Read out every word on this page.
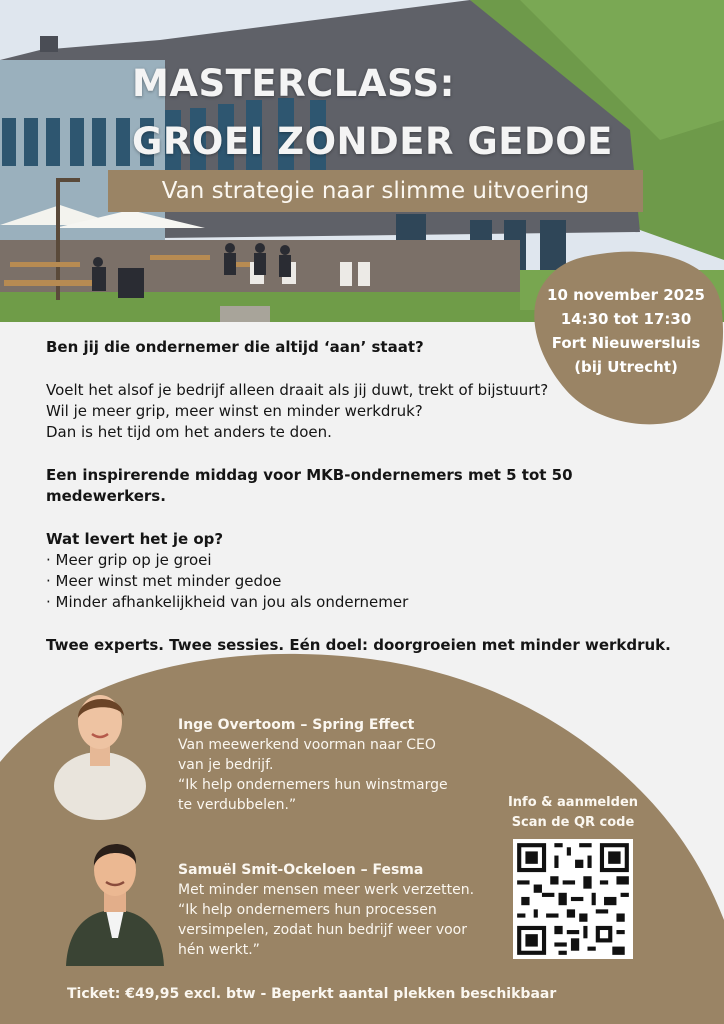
MASTERCLASS:
GROEI ZONDER GEDOE
Van strategie naar slimme uitvoering
10 november 2025
14:30 tot 17:30
Fort Nieuwersluis
(bij Utrecht)

Ben jij die ondernemer die altijd ‘aan’ staat?

Voelt het alsof je bedrijf alleen draait als jij duwt, trekt of bijstuurt?

Wil je meer grip, meer winst en minder werkdruk?

Dan is het tijd om het anders te doen.

Een inspirerende middag voor MKB-ondernemers met 5 tot 50 medewerkers.

Wat levert het je op?

· Meer grip op je groei

· Meer winst met minder gedoe

· Minder afhankelijkheid van jou als ondernemer

Twee experts. Twee sessies. Eén doel: doorgroeien met minder werkdruk.

Inge Overtoom – Spring Effect
Van meewerkend voorman naar CEO
van je bedrijf.
“Ik help ondernemers hun winstmarge
te verdubbelen.”
Samuël Smit-Ockeloen – Fesma
Met minder mensen meer werk verzetten.
“Ik help ondernemers hun processen
versimpelen, zodat hun bedrijf weer voor
hén werkt.”
Info & aanmelden
Scan de QR code
Ticket: €49,95 excl. btw - Beperkt aantal plekken beschikbaar
